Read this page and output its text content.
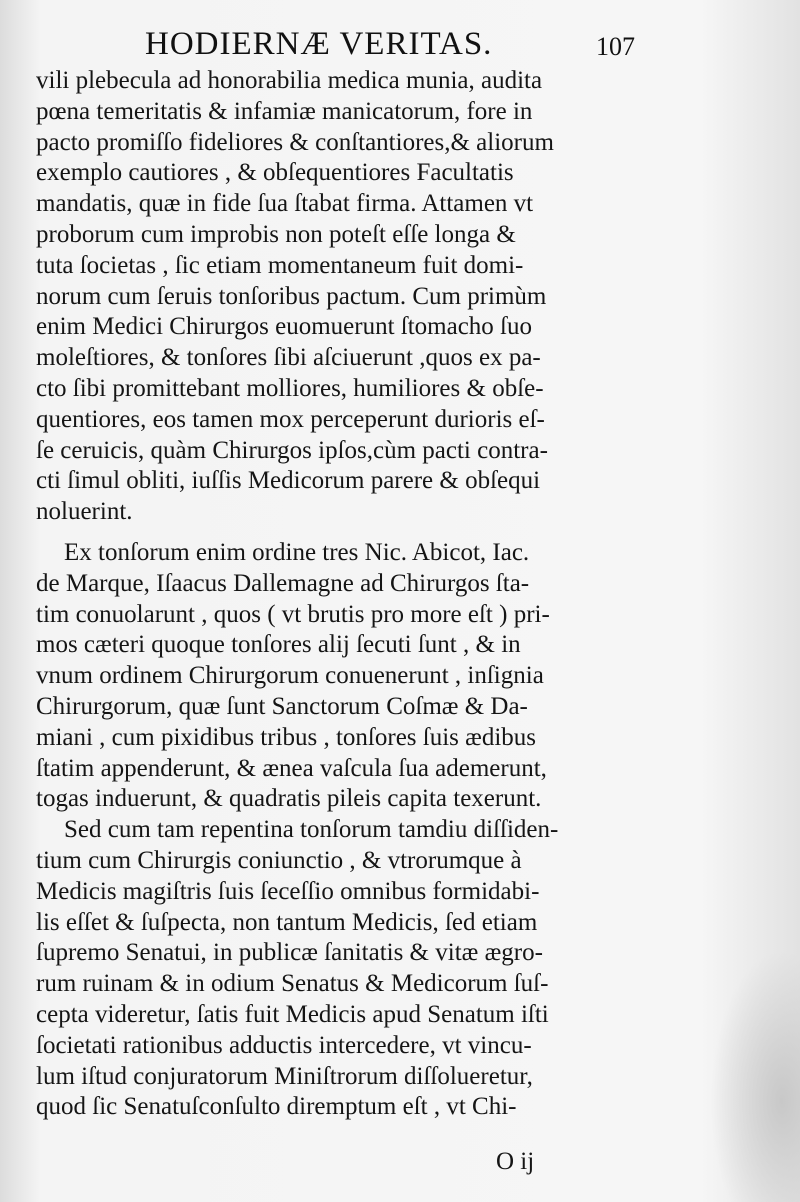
HODIERNÆ VERITAS.	107
vili plebecula ad honorabilia medica munia, audita
pœna temeritatis & infamiæ manicatorum, fore in
pacto promiſſo fideliores & conſtantiores,& aliorum
exemplo cautiores , & obſequentiores Facultatis
mandatis, quæ in fide ſua ſtabat firma. Attamen vt
proborum cum improbis non poteſt eſſe longa &
tuta ſocietas , ſic etiam momentaneum fuit domi-
norum cum ſeruis tonſoribus pactum. Cum primùm
enim Medici Chirurgos euomuerunt ſtomacho ſuo
moleſtiores, & tonſores ſibi aſciuerunt ,quos ex pa-
cto ſibi promittebant molliores, humiliores & obſe-
quentiores, eos tamen mox perceperunt durioris eſ-
ſe ceruicis, quàm Chirurgos ipſos,cùm pacti contra-
cti ſimul obliti, iuſſis Medicorum parere & obſequi
noluerint.
Ex tonſorum enim ordine tres Nic. Abicot, Iac.
de Marque, Iſaacus Dallemagne ad Chirurgos ſta-
tim conuolarunt , quos ( vt brutis pro more eſt ) pri-
mos cæteri quoque tonſores alij ſecuti ſunt , & in
vnum ordinem Chirurgorum conuenerunt , inſignia
Chirurgorum, quæ ſunt Sanctorum Coſmæ & Da-
miani , cum pixidibus tribus , tonſores ſuis ædibus
ſtatim appenderunt, & ænea vaſcula ſua ademerunt,
togas induerunt, & quadratis pileis capita texerunt.
Sed cum tam repentina tonſorum tamdiu diſſiden-
tium cum Chirurgis coniunctio , & vtrorumque à
Medicis magiſtris ſuis ſeceſſio omnibus formidabi-
lis eſſet & ſuſpecta, non tantum Medicis, ſed etiam
ſupremo Senatui, in publicæ ſanitatis & vitæ ægro-
rum ruinam & in odium Senatus & Medicorum ſuſ-
cepta videretur, ſatis fuit Medicis apud Senatum iſti
ſocietati rationibus adductis intercedere, vt vincu-
lum iſtud conjuratorum Miniſtrorum diſſolueretur,
quod ſic Senatuſconſulto diremptum eſt , vt Chi-
O ij
